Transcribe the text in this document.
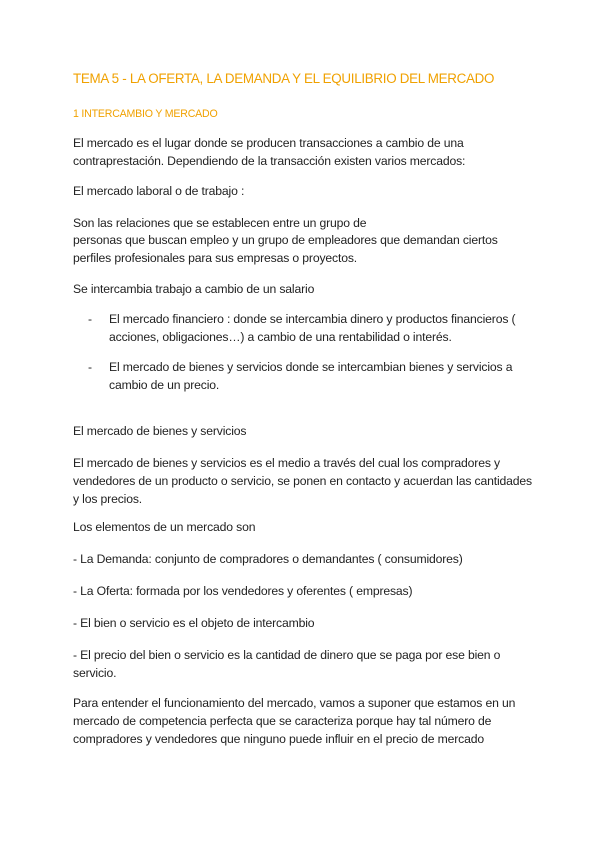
TEMA 5 - LA OFERTA, LA DEMANDA Y EL EQUILIBRIO DEL MERCADO
1 INTERCAMBIO Y MERCADO

El mercado es el lugar donde se producen transacciones a cambio de una contraprestación. Dependiendo de la transacción existen varios mercados:

El mercado laboral o de trabajo :

Son las relaciones que se establecen entre un grupo de

personas que buscan empleo y un grupo de empleadores que demandan ciertos perfiles profesionales para sus empresas o proyectos.

Se intercambia trabajo a cambio de un salario

- El mercado financiero : donde se intercambia dinero y productos financieros ( acciones, obligaciones…) a cambio de una rentabilidad o interés.
- El mercado de bienes y servicios donde se intercambian bienes y servicios a cambio de un precio.

El mercado de bienes y servicios

El mercado de bienes y servicios es el medio a través del cual los compradores y vendedores de un producto o servicio, se ponen en contacto y acuerdan las cantidades y los precios.

Los elementos de un mercado son

- La Demanda: conjunto de compradores o demandantes ( consumidores)

- La Oferta: formada por los vendedores y oferentes ( empresas)

- El bien o servicio es el objeto de intercambio

- El precio del bien o servicio es la cantidad de dinero que se paga por ese bien o servicio.

Para entender el funcionamiento del mercado, vamos a suponer que estamos en un mercado de competencia perfecta que se caracteriza porque hay tal número de compradores y vendedores que ninguno puede influir en el precio de mercado
